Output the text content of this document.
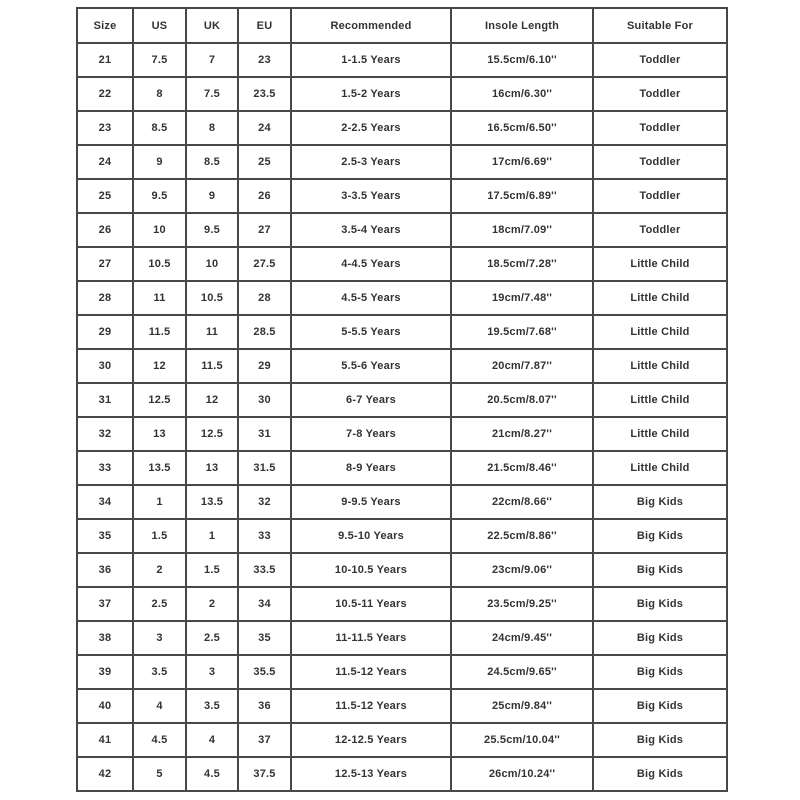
Size	US	UK	EU	Recommended	Insole Length	Suitable For
21	7.5	7	23	1-1.5 Years	15.5cm/6.10''	Toddler
22	8	7.5	23.5	1.5-2 Years	16cm/6.30''	Toddler
23	8.5	8	24	2-2.5 Years	16.5cm/6.50''	Toddler
24	9	8.5	25	2.5-3 Years	17cm/6.69''	Toddler
25	9.5	9	26	3-3.5 Years	17.5cm/6.89''	Toddler
26	10	9.5	27	3.5-4 Years	18cm/7.09''	Toddler
27	10.5	10	27.5	4-4.5 Years	18.5cm/7.28''	Little Child
28	11	10.5	28	4.5-5 Years	19cm/7.48''	Little Child
29	11.5	11	28.5	5-5.5 Years	19.5cm/7.68''	Little Child
30	12	11.5	29	5.5-6 Years	20cm/7.87''	Little Child
31	12.5	12	30	6-7 Years	20.5cm/8.07''	Little Child
32	13	12.5	31	7-8 Years	21cm/8.27''	Little Child
33	13.5	13	31.5	8-9 Years	21.5cm/8.46''	Little Child
34	1	13.5	32	9-9.5 Years	22cm/8.66''	Big Kids
35	1.5	1	33	9.5-10 Years	22.5cm/8.86''	Big Kids
36	2	1.5	33.5	10-10.5 Years	23cm/9.06''	Big Kids
37	2.5	2	34	10.5-11 Years	23.5cm/9.25''	Big Kids
38	3	2.5	35	11-11.5 Years	24cm/9.45''	Big Kids
39	3.5	3	35.5	11.5-12 Years	24.5cm/9.65''	Big Kids
40	4	3.5	36	11.5-12 Years	25cm/9.84''	Big Kids
41	4.5	4	37	12-12.5 Years	25.5cm/10.04''	Big Kids
42	5	4.5	37.5	12.5-13 Years	26cm/10.24''	Big Kids
